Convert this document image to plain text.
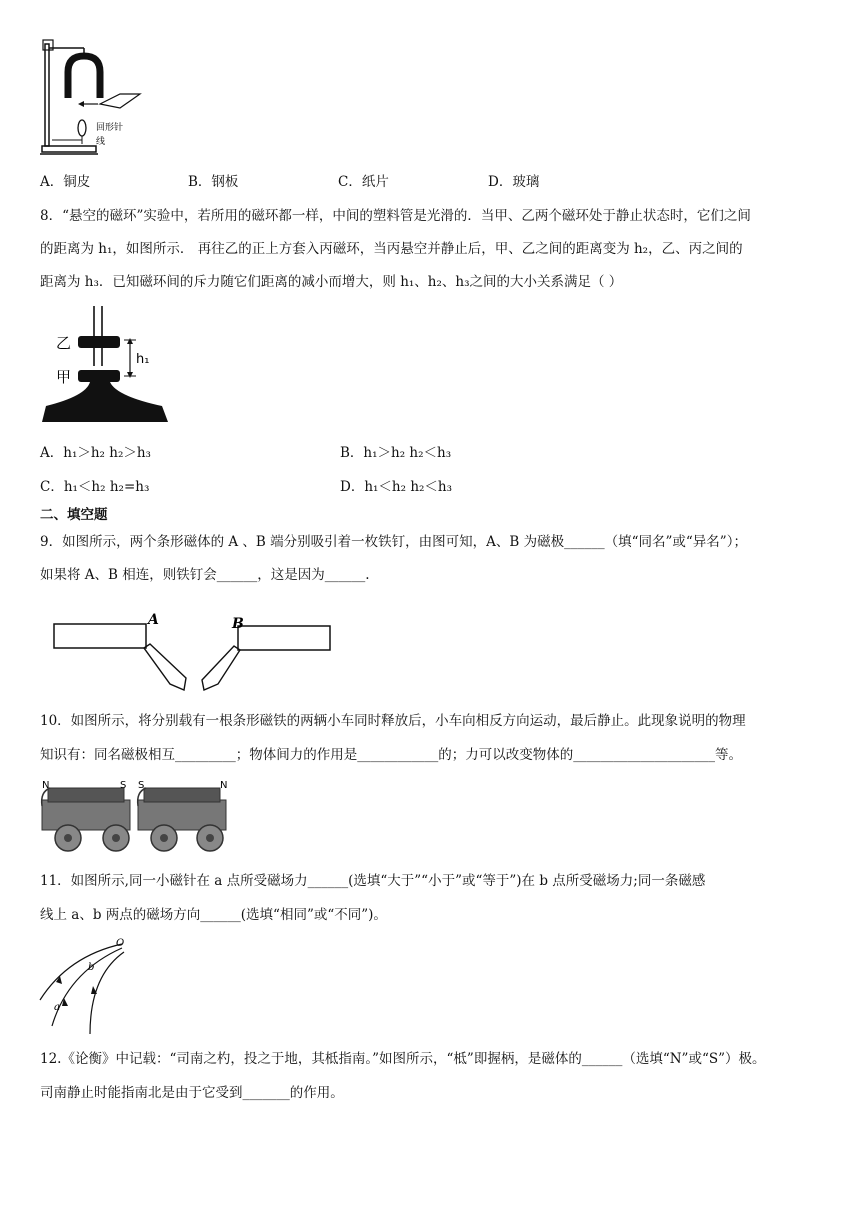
回形针
线
A．铜皮	B．钢板	C．纸片	D．玻璃
8．“悬空的磁环”实验中，若所用的磁环都一样，中间的塑料管是光滑的．当甲、乙两个磁环处于静止状态时，它们之间
的距离为 h₁，如图所示． 再往乙的正上方套入丙磁环，当丙悬空并静止后，甲、乙之间的距离变为 h₂，乙、丙之间的
距离为 h₃．已知磁环间的斥力随它们距离的减小而增大，则 h₁、h₂、h₃之间的大小关系满足（ ）
乙
甲
h₁
A．h₁＞h₂ h₂＞h₃	B．h₁＞h₂ h₂＜h₃
C．h₁＜h₂ h₂=h₃	D．h₁＜h₂ h₂＜h₃
二、填空题
9．如图所示，两个条形磁体的 A 、B 端分别吸引着一枚铁钉，由图可知，A、B 为磁极______（填“同名”或“异名”）；
如果将 A、B 相连，则铁钉会______，这是因为______.
A	B
10．如图所示，将分别载有一根条形磁铁的两辆小车同时释放后，小车向相反方向运动，最后静止。此现象说明的物理
知识有：同名磁极相互_________；物体间力的作用是____________的；力可以改变物体的_____________________等。
N	S S	N
11．如图所示,同一小磁针在 a 点所受磁场力______(选填“大于”“小于”或“等于”)在 b 点所受磁场力;同一条磁感
线上 a、b 两点的磁场方向______(选填“相同”或“不同”)。
O
b
a
12.《论衡》中记载：“司南之杓，投之于地，其柢指南。”如图所示，“柢”即握柄，是磁体的______（选填“N”或“S”）极。
司南静止时能指南北是由于它受到_______的作用。
